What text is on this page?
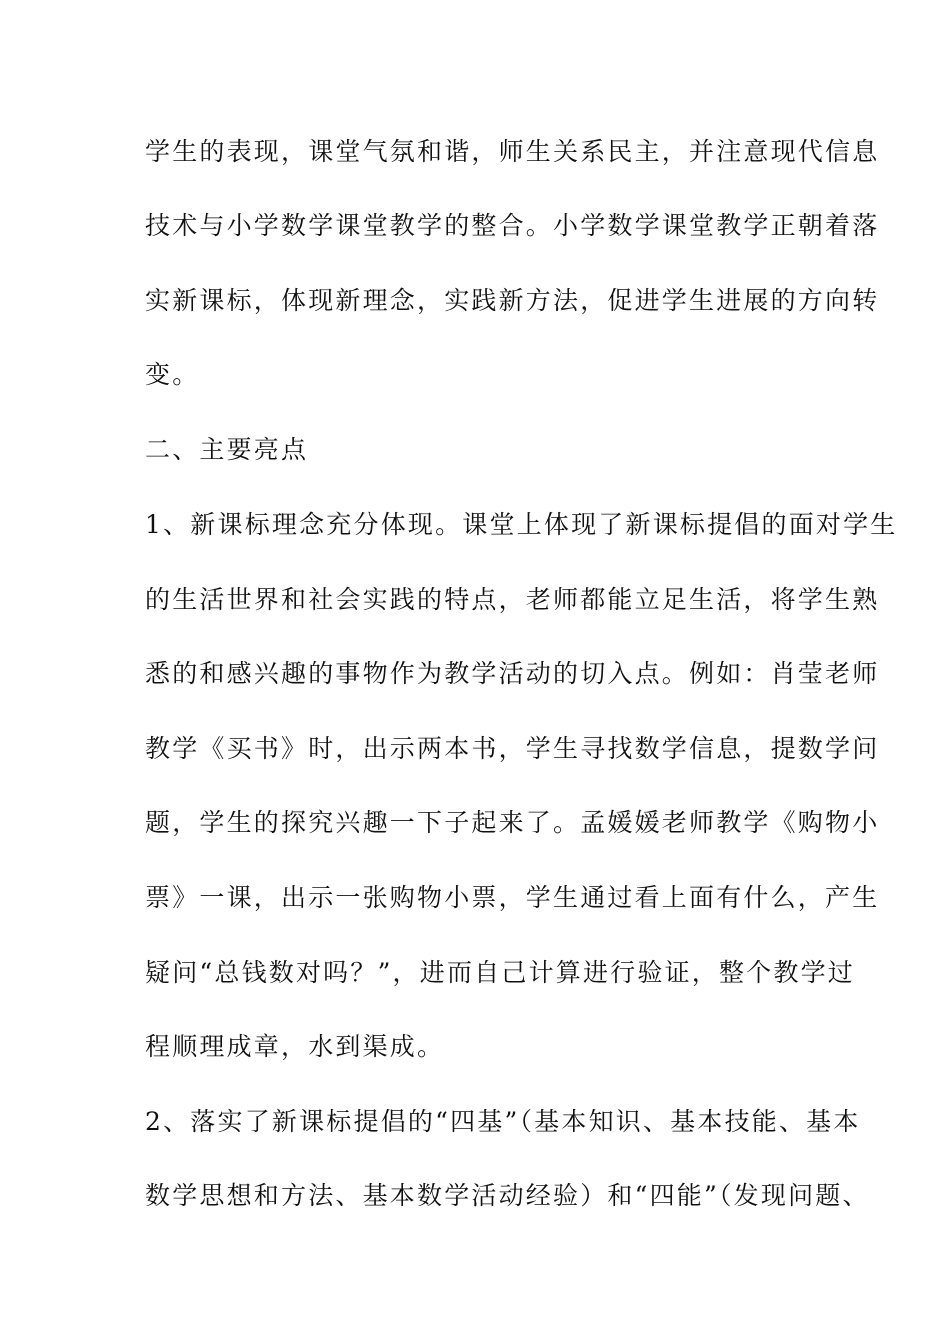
学生的表现，课堂气氛和谐，师生关系民主，并注意现代信息
技术与小学数学课堂教学的整合。小学数学课堂教学正朝着落
实新课标，体现新理念，实践新方法，促进学生进展的方向转
变。
二、主要亮点
1、新课标理念充分体现。课堂上体现了新课标提倡的面对学生
的生活世界和社会实践的特点，老师都能立足生活，将学生熟
悉的和感兴趣的事物作为教学活动的切入点。例如：肖莹老师
教学《买书》时，出示两本书，学生寻找数学信息，提数学问
题，学生的探究兴趣一下子起来了。孟媛媛老师教学《购物小
票》一课，出示一张购物小票，学生通过看上面有什么，产生
疑问“总钱数对吗？”，进而自己计算进行验证，整个教学过
程顺理成章，水到渠成。
2、落实了新课标提倡的“四基”（基本知识、基本技能、基本
数学思想和方法、基本数学活动经验）和“四能”（发现问题、
